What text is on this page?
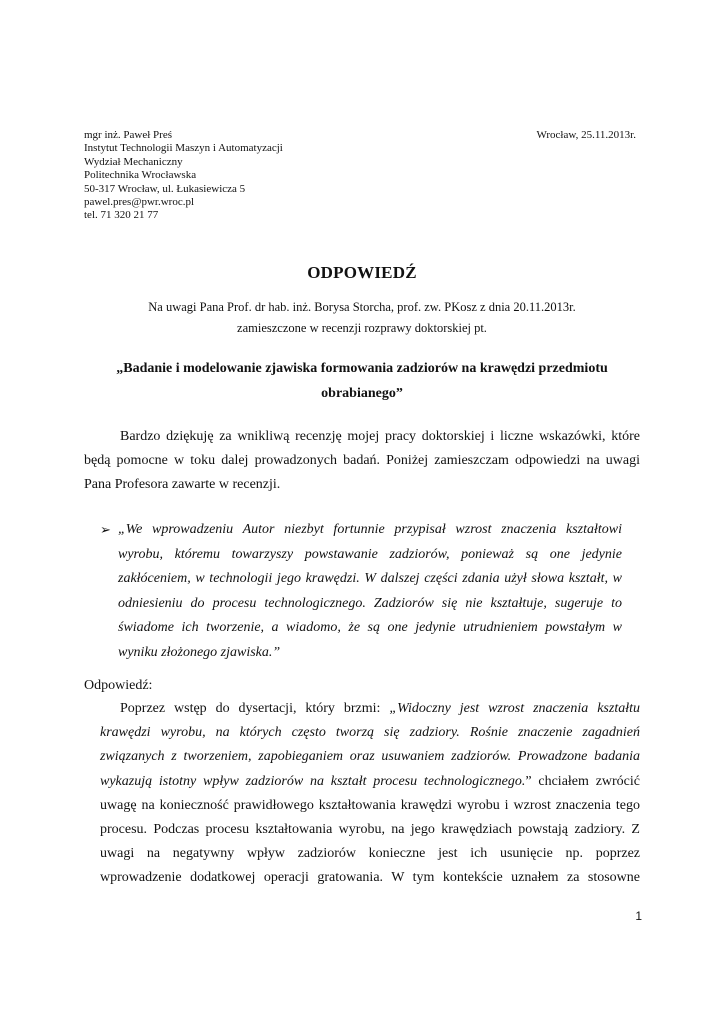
mgr inż. Paweł Preś
Instytut Technologii Maszyn i Automatyzacji
Wydział Mechaniczny
Politechnika Wrocławska
50-317 Wrocław, ul. Łukasiewicza 5
pawel.pres@pwr.wroc.pl
tel. 71 320 21 77
Wrocław, 25.11.2013r.
ODPOWIEDŹ
Na uwagi Pana Prof. dr hab. inż. Borysa Storcha, prof. zw. PKosz z dnia 20.11.2013r.
zamieszczone w recenzji rozprawy doktorskiej pt.
„Badanie i modelowanie zjawiska formowania zadziorów na krawędzi przedmiotu
obrabianego”
Bardzo dziękuję za wnikliwą recenzję mojej pracy doktorskiej i liczne wskazówki, które
będą pomocne w toku dalej prowadzonych badań. Poniżej zamieszczam odpowiedzi na uwagi
Pana Profesora zawarte w recenzji.
➢ „We wprowadzeniu Autor niezbyt fortunnie przypisał wzrost znaczenia kształtowi
wyrobu, któremu towarzyszy powstawanie zadziorów, ponieważ są one jedynie
zakłóceniem, w technologii jego krawędzi. W dalszej części zdania użył słowa kształt, w
odniesieniu do procesu technologicznego. Zadziorów się nie kształtuje, sugeruje to
świadome ich tworzenie, a wiadomo, że są one jedynie utrudnieniem powstałym w
wyniku złożonego zjawiska.”
Odpowiedź:
Poprzez wstęp do dysertacji, który brzmi: „Widoczny jest wzrost znaczenia kształtu
krawędzi wyrobu, na których często tworzą się zadziory. Rośnie znaczenie zagadnień
związanych z tworzeniem, zapobieganiem oraz usuwaniem zadziorów. Prowadzone badania
wykazują istotny wpływ zadziorów na kształt procesu technologicznego.” chciałem zwrócić
uwagę na konieczność prawidłowego kształtowania krawędzi wyrobu i wzrost znaczenia tego
procesu. Podczas procesu kształtowania wyrobu, na jego krawędziach powstają zadziory. Z
uwagi na negatywny wpływ zadziorów konieczne jest ich usunięcie np. poprzez
wprowadzenie dodatkowej operacji gratowania. W tym kontekście uznałem za stosowne
1
